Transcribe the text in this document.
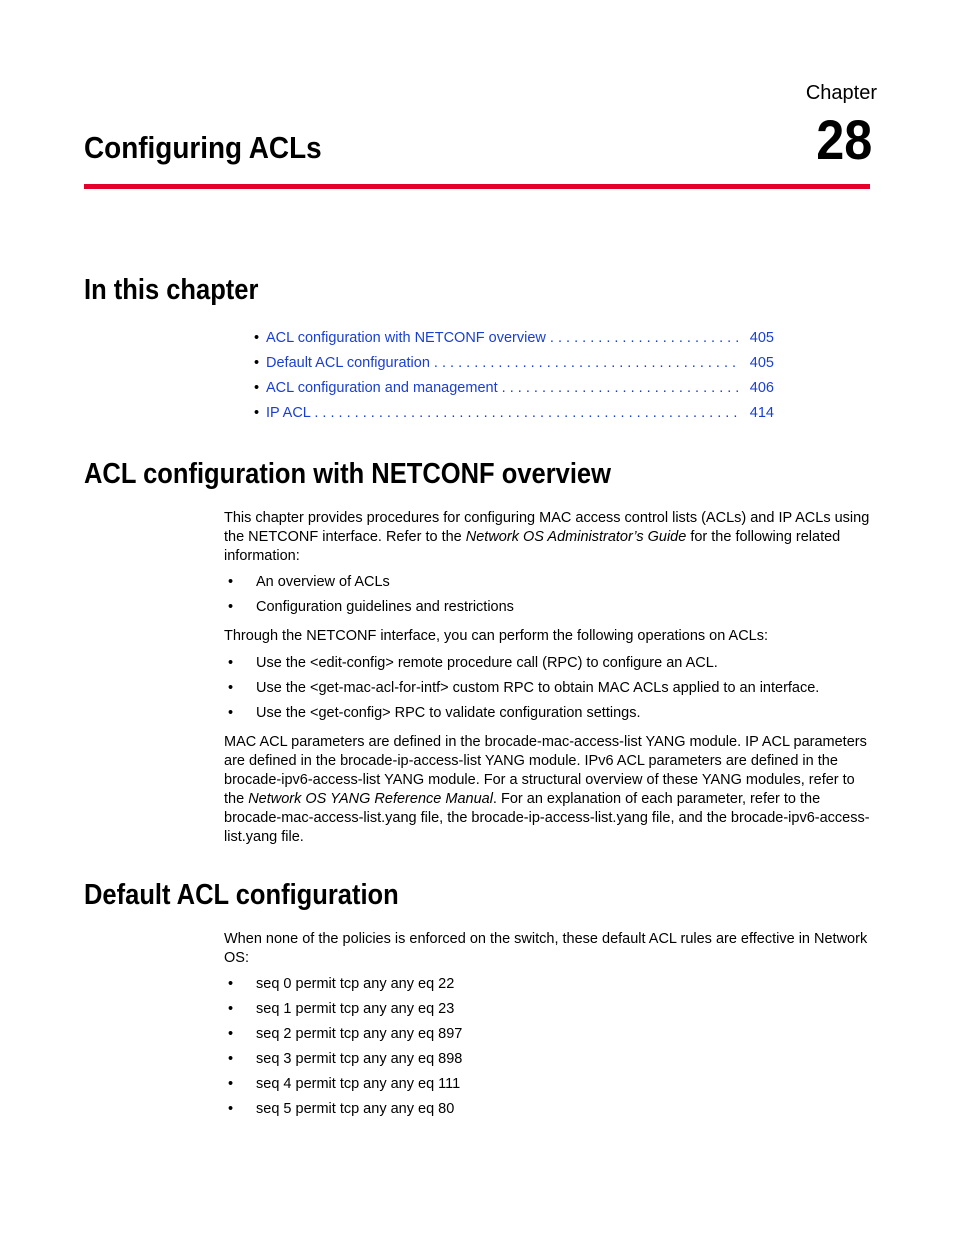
Chapter
28
Configuring ACLs
In this chapter
• ACL configuration with NETCONF overview . . .	405
• Default ACL configuration . . .	405
• ACL configuration and management . . .	406
• IP ACL . . .	414
ACL configuration with NETCONF overview

This chapter provides procedures for configuring MAC access control lists (ACLs) and IP ACLs using the NETCONF interface. Refer to the Network OS Administrator’s Guide for the following related information:

•	An overview of ACLs
•	Configuration guidelines and restrictions

Through the NETCONF interface, you can perform the following operations on ACLs:

•	Use the <edit-config> remote procedure call (RPC) to configure an ACL.
•	Use the <get-mac-acl-for-intf> custom RPC to obtain MAC ACLs applied to an interface.
•	Use the <get-config> RPC to validate configuration settings.

MAC ACL parameters are defined in the brocade-mac-access-list YANG module. IP ACL parameters are defined in the brocade-ip-access-list YANG module. IPv6 ACL parameters are defined in the brocade-ipv6-access-list YANG module. For a structural overview of these YANG modules, refer to the Network OS YANG Reference Manual. For an explanation of each parameter, refer to the brocade-mac-access-list.yang file, the brocade-ip-access-list.yang file, and the brocade-ipv6-access-list.yang file.

Default ACL configuration

When none of the policies is enforced on the switch, these default ACL rules are effective in Network OS:

•	seq 0 permit tcp any any eq 22
•	seq 1 permit tcp any any eq 23
•	seq 2 permit tcp any any eq 897
•	seq 3 permit tcp any any eq 898
•	seq 4 permit tcp any any eq 111
•	seq 5 permit tcp any any eq 80
